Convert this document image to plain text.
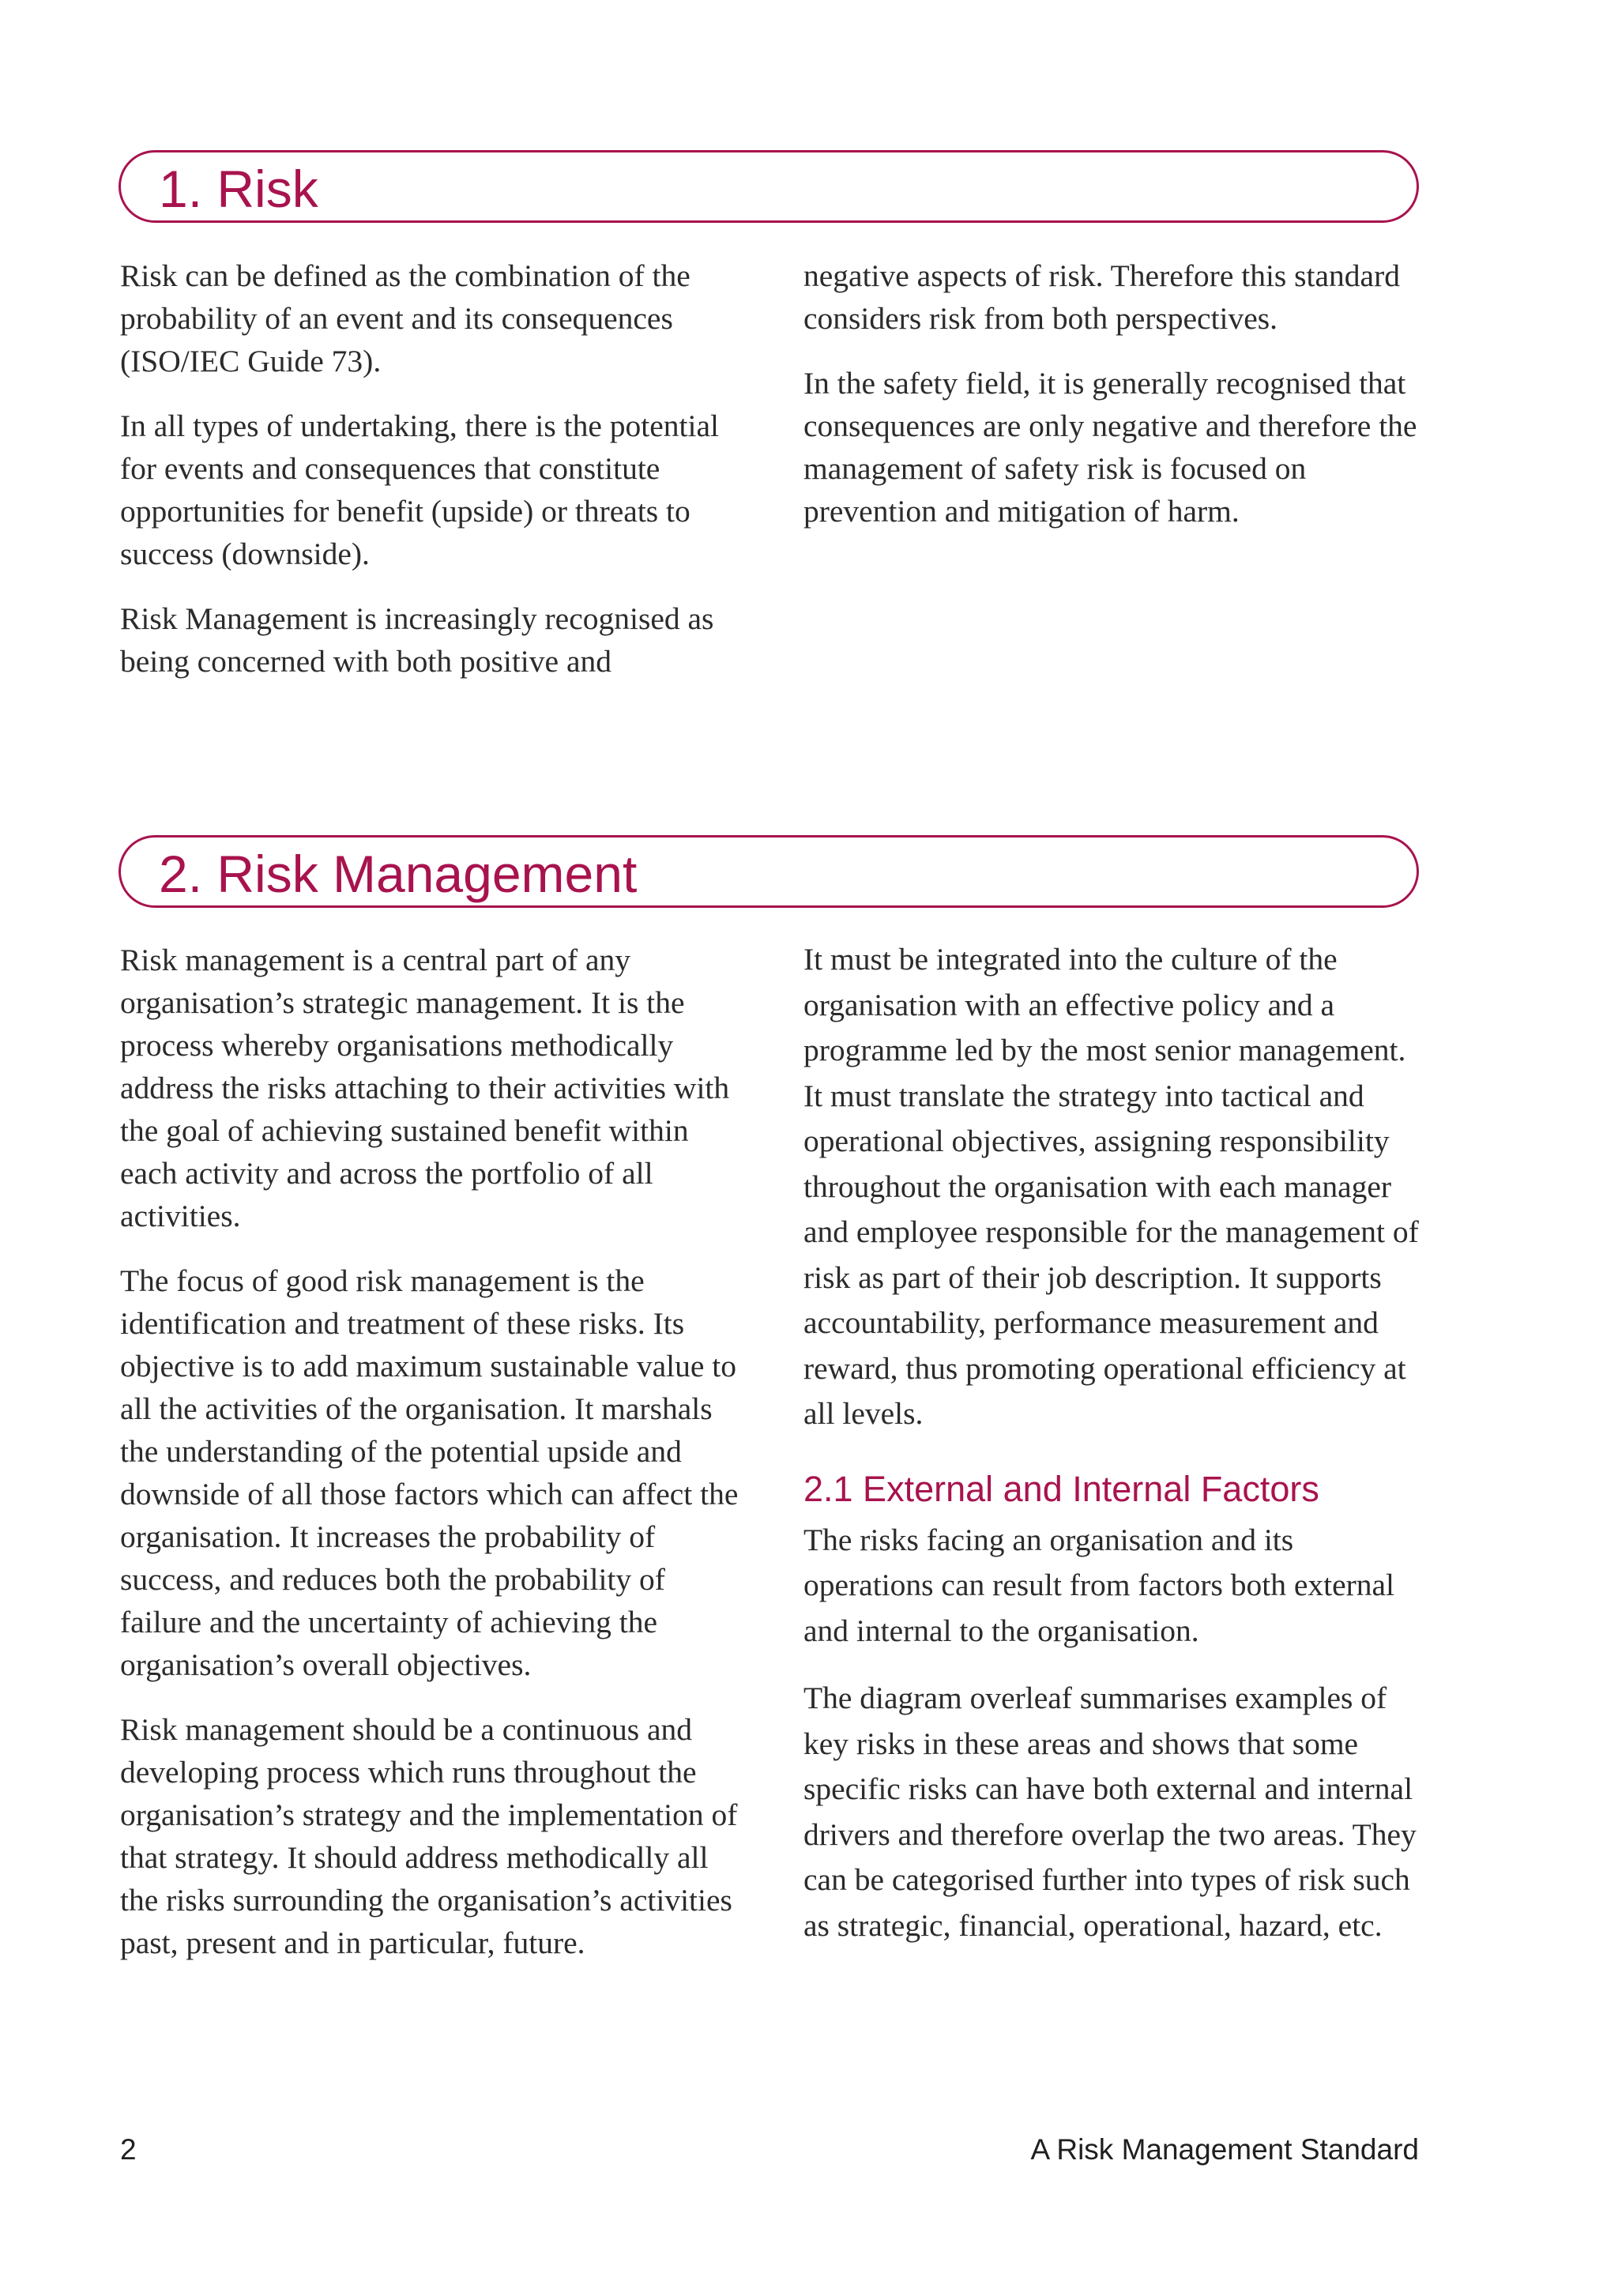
1. Risk

Risk can be defined as the combination of the probability of an event and its consequences (ISO/IEC Guide 73).

In all types of undertaking, there is the potential for events and consequences that constitute opportunities for benefit (upside) or threats to success (downside).

Risk Management is increasingly recognised as being concerned with both positive and

negative aspects of risk. Therefore this standard considers risk from both perspectives.

In the safety field, it is generally recognised that consequences are only negative and therefore the management of safety risk is focused on prevention and mitigation of harm.

2. Risk Management

Risk management is a central part of any organisation’s strategic management. It is the process whereby organisations methodically address the risks attaching to their activities with the goal of achieving sustained benefit within each activity and across the portfolio of all activities.

The focus of good risk management is the identification and treatment of these risks. Its objective is to add maximum sustainable value to all the activities of the organisation. It marshals the understanding of the potential upside and downside of all those factors which can affect the organisation. It increases the probability of success, and reduces both the probability of failure and the uncertainty of achieving the organisation’s overall objectives.

Risk management should be a continuous and developing process which runs throughout the organisation’s strategy and the implementation of that strategy. It should address methodically all the risks surrounding the organisation’s activities past, present and in particular, future.

It must be integrated into the culture of the organisation with an effective policy and a programme led by the most senior management. It must translate the strategy into tactical and operational objectives, assigning responsibility throughout the organisation with each manager and employee responsible for the management of risk as part of their job description. It supports accountability, performance measurement and reward, thus promoting operational efficiency at all levels.

2.1 External and Internal Factors

The risks facing an organisation and its operations can result from factors both external and internal to the organisation.

The diagram overleaf summarises examples of key risks in these areas and shows that some specific risks can have both external and internal drivers and therefore overlap the two areas. They can be categorised further into types of risk such as strategic, financial, operational, hazard, etc.

2	A Risk Management Standard
